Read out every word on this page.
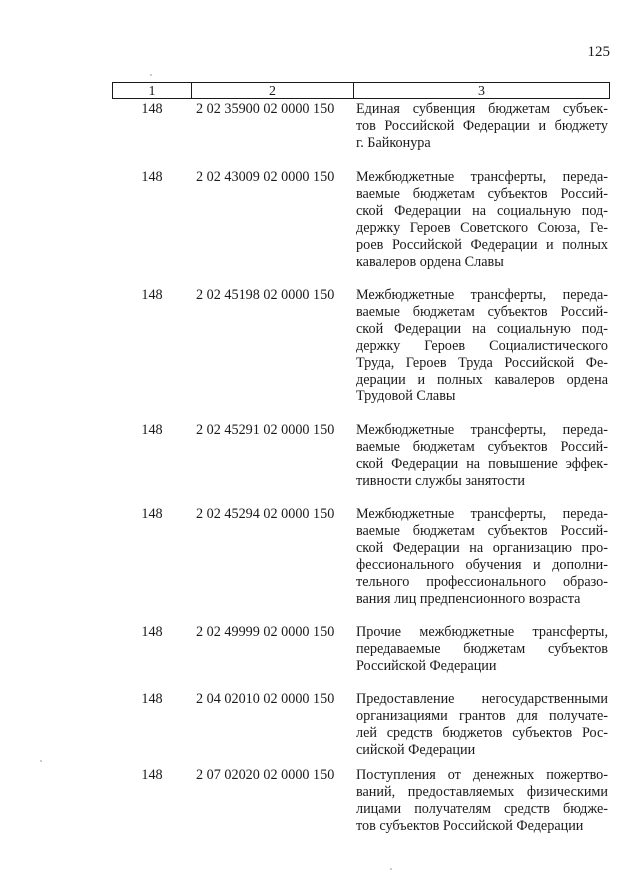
125
1	2	3
148	2 02 35900 02 0000 150	Единая субвенция бюджетам субъек-
тов Российской Федерации и бюджету
г. Байконура
148	2 02 43009 02 0000 150	Межбюджетные трансферты, переда-
ваемые бюджетам субъектов Россий-
ской Федерации на социальную под-
держку Героев Советского Союза, Ге-
роев Российской Федерации и полных
кавалеров ордена Славы
148	2 02 45198 02 0000 150	Межбюджетные трансферты, переда-
ваемые бюджетам субъектов Россий-
ской Федерации на социальную под-
держку Героев Социалистического
Труда, Героев Труда Российской Фе-
дерации и полных кавалеров ордена
Трудовой Славы
148	2 02 45291 02 0000 150	Межбюджетные трансферты, переда-
ваемые бюджетам субъектов Россий-
ской Федерации на повышение эффек-
тивности службы занятости
148	2 02 45294 02 0000 150	Межбюджетные трансферты, переда-
ваемые бюджетам субъектов Россий-
ской Федерации на организацию про-
фессионального обучения и дополни-
тельного профессионального образо-
вания лиц предпенсионного возраста
148	2 02 49999 02 0000 150	Прочие межбюджетные трансферты,
передаваемые бюджетам субъектов
Российской Федерации
148	2 04 02010 02 0000 150	Предоставление негосударственными
организациями грантов для получате-
лей средств бюджетов субъектов Рос-
сийской Федерации
148	2 07 02020 02 0000 150	Поступления от денежных пожертво-
ваний, предоставляемых физическими
лицами получателям средств бюдже-
тов субъектов Российской Федерации
